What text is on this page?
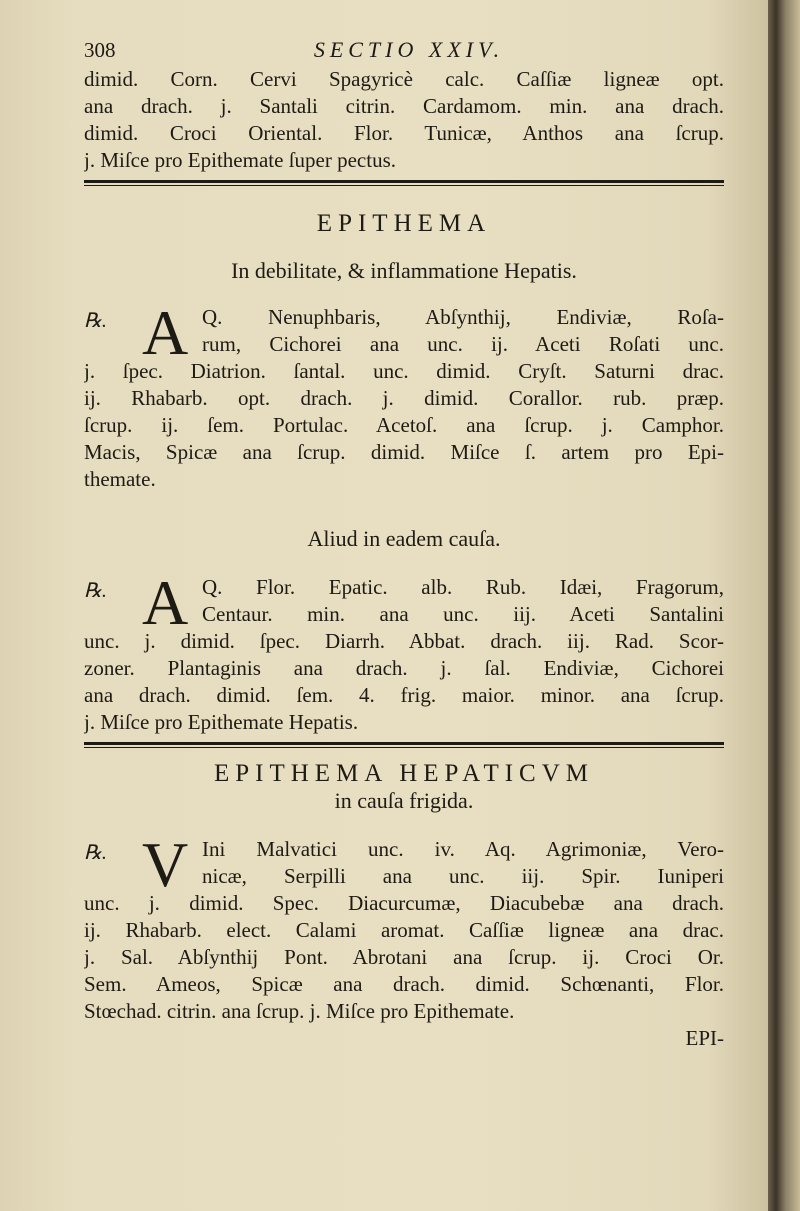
308	SECTIO XXIV.
dimid. Corn. Cervi Spagyricè calc. Caſſiæ ligneæ opt.
ana drach. j. Santali citrin. Cardamom. min. ana drach.
dimid. Croci Oriental. Flor. Tunicæ, Anthos ana ſcrup.
j. Miſce pro Epithemate ſuper pectus.
EPITHEMA
In debilitate, & inflammatione Hepatis.
℞. A Q. Nenuphbaris, Abſynthij, Endiviæ, Roſa-
rum, Cichorei ana unc. ij. Aceti Roſati unc.
j. ſpec. Diatrion. ſantal. unc. dimid. Cryſt. Saturni drac.
ij. Rhabarb. opt. drach. j. dimid. Corallor. rub. præp.
ſcrup. ij. ſem. Portulac. Acetoſ. ana ſcrup. j. Camphor.
Macis, Spicæ ana ſcrup. dimid. Miſce ſ. artem pro Epi-
themate.
Aliud in eadem cauſa.
℞. A Q. Flor. Epatic. alb. Rub. Idæi, Fragorum,
Centaur. min. ana unc. iij. Aceti Santalini
unc. j. dimid. ſpec. Diarrh. Abbat. drach. iij. Rad. Scor-
zoner. Plantaginis ana drach. j. ſal. Endiviæ, Cichorei
ana drach. dimid. ſem. 4. frig. maior. minor. ana ſcrup.
j. Miſce pro Epithemate Hepatis.
EPITHEMA HEPATICVM
in cauſa frigida.
℞. V Ini Malvatici unc. iv. Aq. Agrimoniæ, Vero-
nicæ, Serpilli ana unc. iij. Spir. Iuniperi
unc. j. dimid. Spec. Diacurcumæ, Diacubebæ ana drach.
ij. Rhabarb. elect. Calami aromat. Caſſiæ ligneæ ana drac.
j. Sal. Abſynthij Pont. Abrotani ana ſcrup. ij. Croci Or.
Sem. Ameos, Spicæ ana drach. dimid. Schœnanti, Flor.
Stœchad. citrin. ana ſcrup. j. Miſce pro Epithemate.
EPI-
